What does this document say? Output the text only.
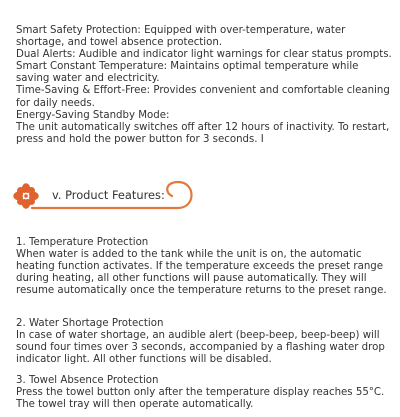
Smart Safety Protection: Equipped with over-temperature, water shortage, and towel absence protection.

Dual Alerts: Audible and indicator light warnings for clear status prompts.

Smart Constant Temperature: Maintains optimal temperature while saving water and electricity.

Time-Saving & Effort-Free: Provides convenient and comfortable cleaning for daily needs.

Energy-Saving Standby Mode:

The unit automatically switches off after 12 hours of inactivity. To restart, press and hold the power button for 3 seconds. I

v. Product Features:

1. Temperature Protection

When water is added to the tank while the unit is on, the automatic heating function activates. If the temperature exceeds the preset range during heating, all other functions will pause automatically. They will resume automatically once the temperature returns to the preset range.

2. Water Shortage Protection

In case of water shortage, an audible alert (beep-beep, beep-beep) will sound four times over 3 seconds, accompanied by a flashing water drop indicator light. All other functions will be disabled.

3. Towel Absence Protection

Press the towel button only after the temperature display reaches 55°C. The towel tray will then operate automatically.
